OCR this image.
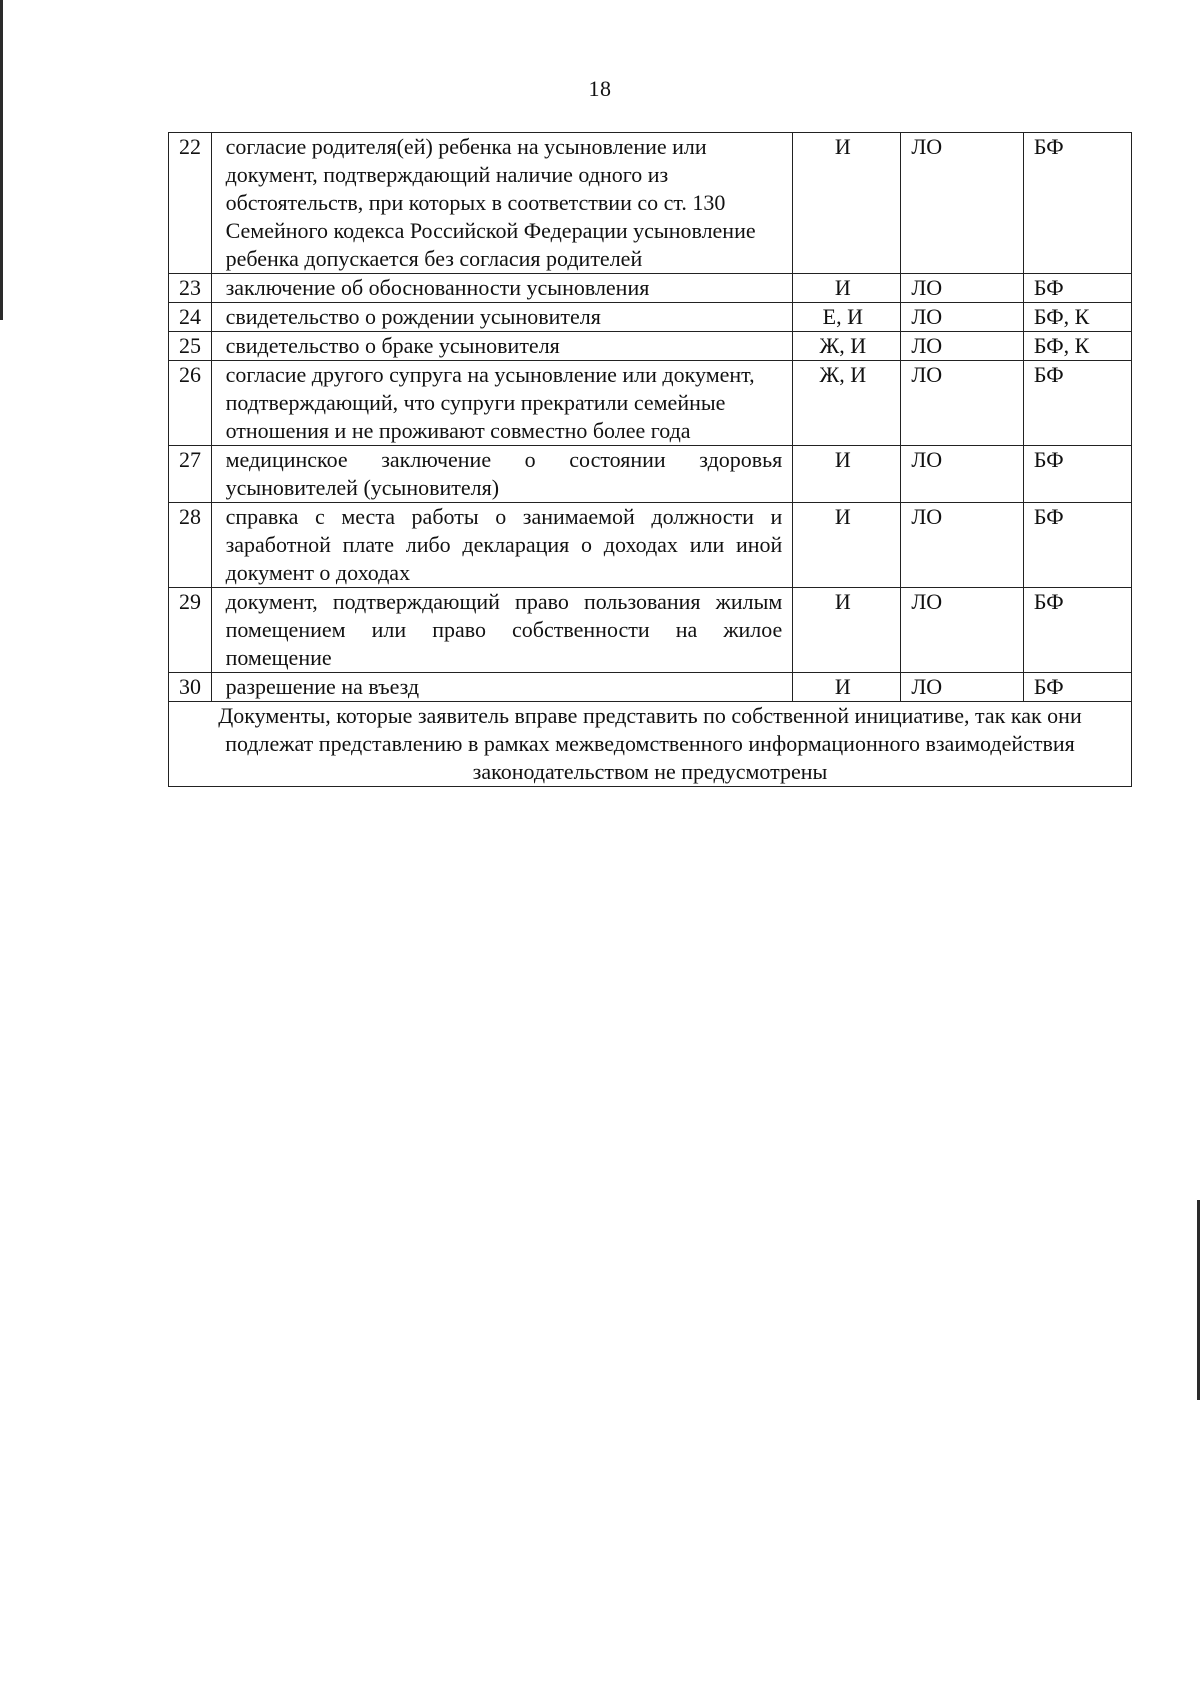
18
22	согласие родителя(ей) ребенка на усыновление или документ, подтверждающий наличие одного из обстоятельств, при которых в соответствии со ст. 130 Семейного кодекса Российской Федерации усыновление ребенка допускается без согласия родителей	И	ЛО	БФ
23	заключение об обоснованности усыновления	И	ЛО	БФ
24	свидетельство о рождении усыновителя	Е, И	ЛО	БФ, К
25	свидетельство о браке усыновителя	Ж, И	ЛО	БФ, К
26	согласие другого супруга на усыновление или документ, подтверждающий, что супруги прекратили семейные отношения и не проживают совместно более года	Ж, И	ЛО	БФ
27	медицинское заключение о состоянии здоровья усыновителей (усыновителя)	И	ЛО	БФ
28	справка с места работы о занимаемой должности и заработной плате либо декларация о доходах или иной документ о доходах	И	ЛО	БФ
29	документ, подтверждающий право пользования жилым помещением или право собственности на жилое помещение	И	ЛО	БФ
30	разрешение на въезд	И	ЛО	БФ

Документы, которые заявитель вправе представить по собственной инициативе, так как они подлежат представлению в рамках межведомственного информационного взаимодействия
законодательством не предусмотрены				
